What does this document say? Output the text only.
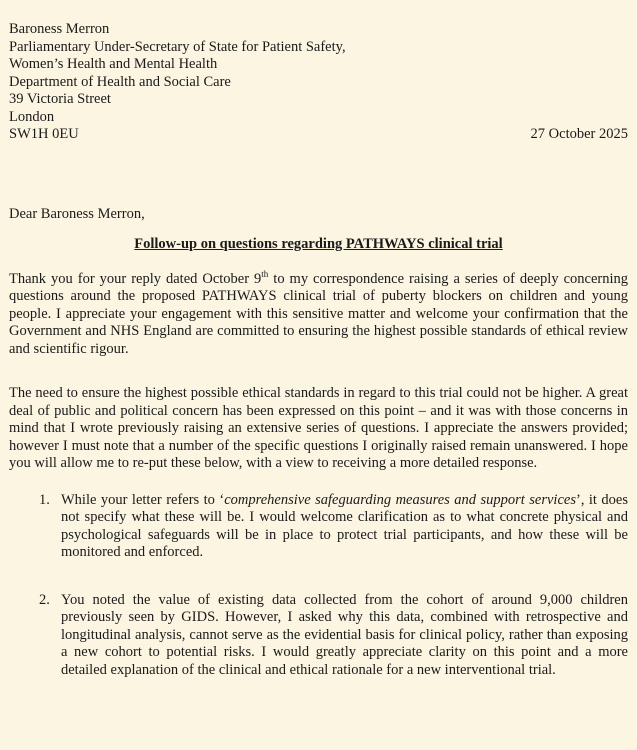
Baroness Merron
Parliamentary Under-Secretary of State for Patient Safety,
Women’s Health and Mental Health
Department of Health and Social Care
39 Victoria Street
London
SW1H 0EU	27 October 2025
Dear Baroness Merron,
Follow-up on questions regarding PATHWAYS clinical trial

Thank you for your reply dated October 9th to my correspondence raising a series of deeply concerning questions around the proposed PATHWAYS clinical trial of puberty blockers on children and young people. I appreciate your engagement with this sensitive matter and welcome your confirmation that the Government and NHS England are committed to ensuring the highest possible standards of ethical review and scientific rigour.

The need to ensure the highest possible ethical standards in regard to this trial could not be higher. A great deal of public and political concern has been expressed on this point – and it was with those concerns in mind that I wrote previously raising an extensive series of questions. I appreciate the answers provided; however I must note that a number of the specific questions I originally raised remain unanswered. I hope you will allow me to re-put these below, with a view to receiving a more detailed response.

1. While your letter refers to ‘comprehensive safeguarding measures and support services’, it does not specify what these will be. I would welcome clarification as to what concrete physical and psychological safeguards will be in place to protect trial participants, and how these will be monitored and enforced.
2. You noted the value of existing data collected from the cohort of around 9,000 children previously seen by GIDS. However, I asked why this data, combined with retrospective and longitudinal analysis, cannot serve as the evidential basis for clinical policy, rather than exposing a new cohort to potential risks. I would greatly appreciate clarity on this point and a more detailed explanation of the clinical and ethical rationale for a new interventional trial.
